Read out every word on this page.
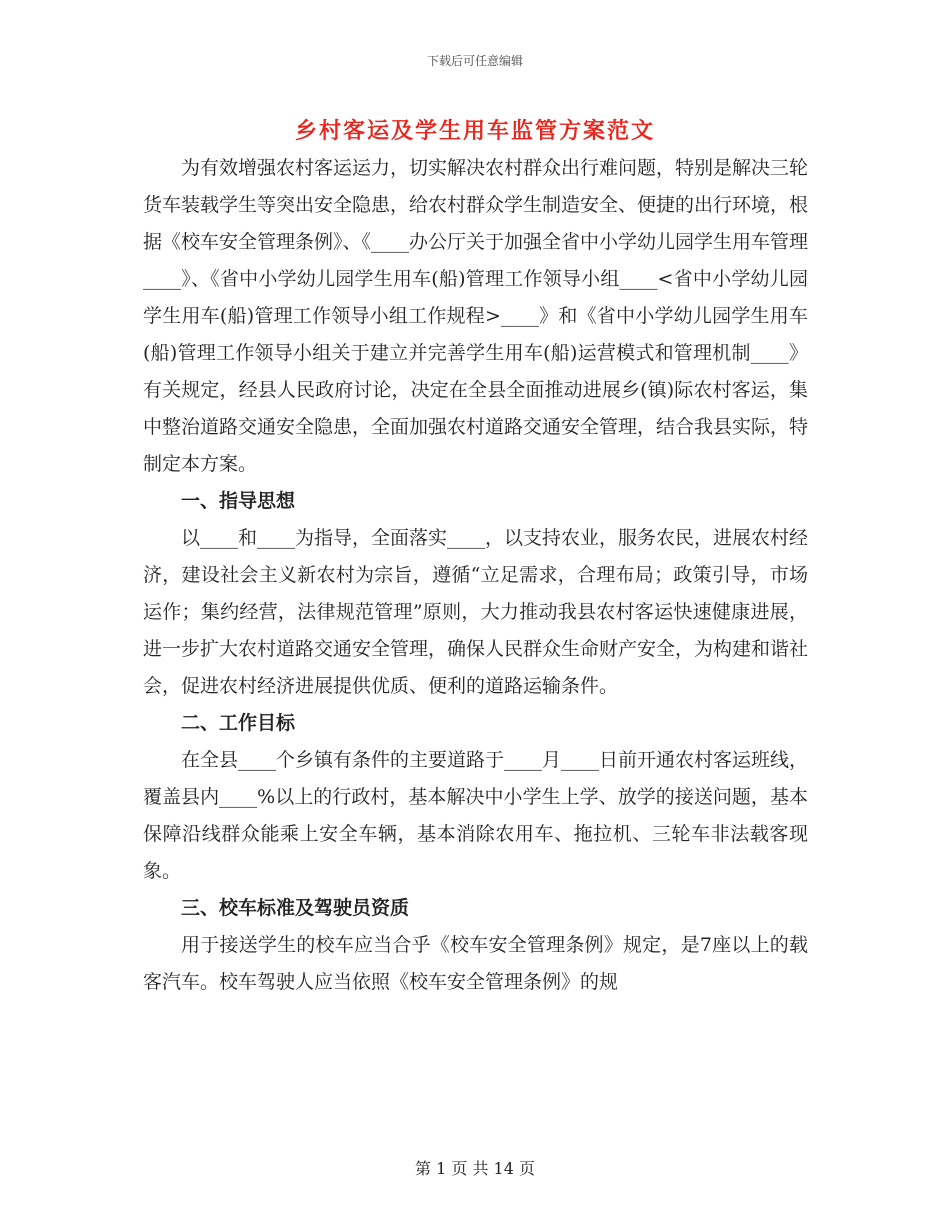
下载后可任意编辑
乡村客运及学生用车监管方案范文

为有效增强农村客运运力，切实解决农村群众出行难问题，特别是解决三轮货车装载学生等突出安全隐患，给农村群众学生制造安全、便捷的出行环境，根据《校车安全管理条例》、《____办公厅关于加强全省中小学幼儿园学生用车管理____》、《省中小学幼儿园学生用车(船)管理工作领导小组____<省中小学幼儿园学生用车(船)管理工作领导小组工作规程>____》和《省中小学幼儿园学生用车(船)管理工作领导小组关于建立并完善学生用车(船)运营模式和管理机制____》有关规定，经县人民政府讨论，决定在全县全面推动进展乡(镇)际农村客运，集中整治道路交通安全隐患，全面加强农村道路交通安全管理，结合我县实际，特制定本方案。

一、指导思想

以____和____为指导，全面落实____，以支持农业，服务农民，进展农村经济，建设社会主义新农村为宗旨，遵循“立足需求，合理布局；政策引导，市场运作；集约经营，法律规范管理”原则，大力推动我县农村客运快速健康进展，进一步扩大农村道路交通安全管理，确保人民群众生命财产安全，为构建和谐社会，促进农村经济进展提供优质、便利的道路运输条件。

二、工作目标

在全县____个乡镇有条件的主要道路于____月____日前开通农村客运班线，覆盖县内____%以上的行政村，基本解决中小学生上学、放学的接送问题，基本保障沿线群众能乘上安全车辆，基本消除农用车、拖拉机、三轮车非法载客现象。

三、校车标准及驾驶员资质

用于接送学生的校车应当合乎《校车安全管理条例》规定，是7座以上的载客汽车。校车驾驶人应当依照《校车安全管理条例》的规

第 1 页 共 14 页
